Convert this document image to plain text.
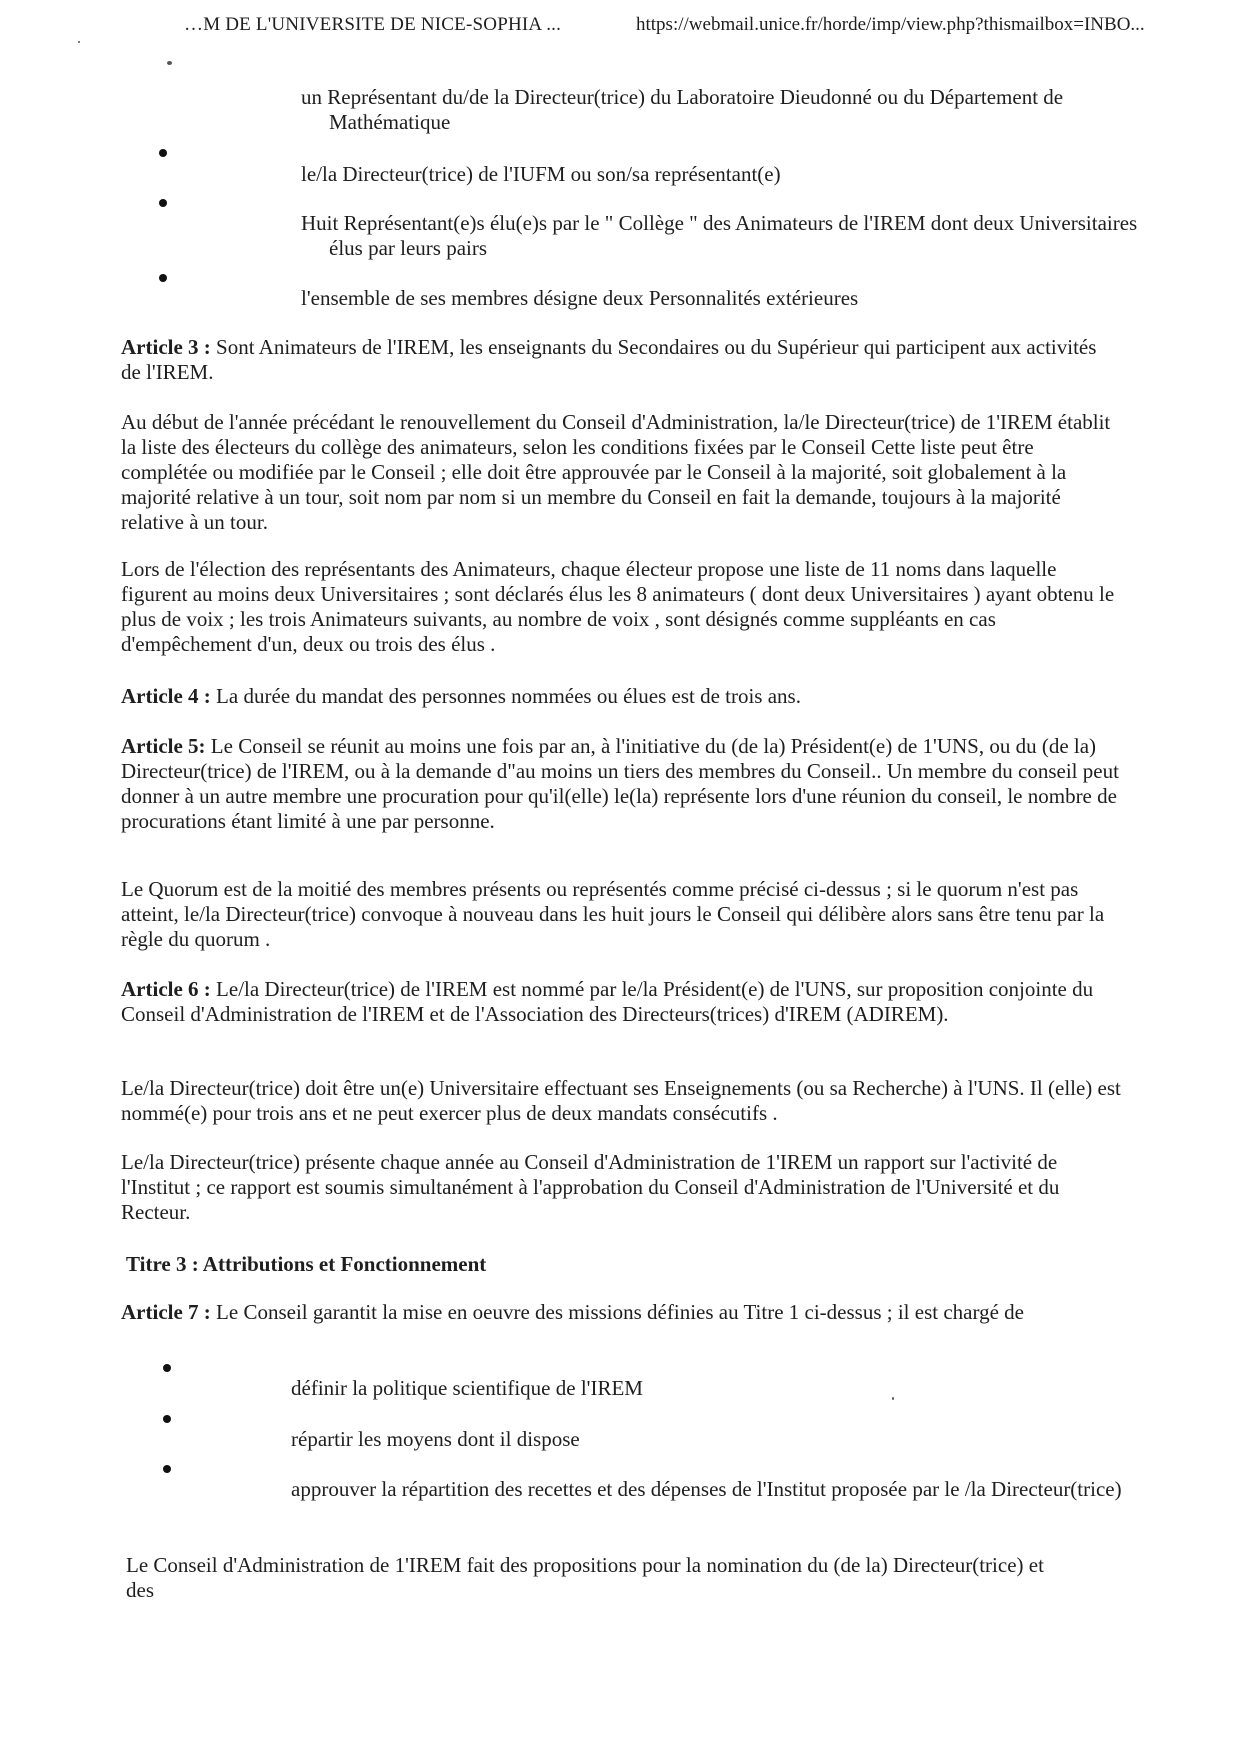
…M DE L'UNIVERSITE DE NICE-SOPHIA ...	https://webmail.unice.fr/horde/imp/view.php?thismailbox=INBO...
un Représentant du/de la Directeur(trice) du Laboratoire Dieudonné ou du Département de Mathématique
le/la Directeur(trice) de l'IUFM ou son/sa représentant(e)
Huit Représentant(e)s élu(e)s par le " Collège " des Animateurs de l'IREM dont deux Universitaires élus par leurs pairs
l'ensemble de ses membres désigne deux Personnalités extérieures
Article 3 : Sont Animateurs de l'IREM, les enseignants du Secondaires ou du Supérieur qui participent aux activités de l'IREM.
Au début de l'année précédant le renouvellement du Conseil d'Administration, la/le Directeur(trice) de 1'IREM établit la liste des électeurs du collège des animateurs, selon les conditions fixées par le Conseil Cette liste peut être complétée ou modifiée par le Conseil ; elle doit être approuvée par le Conseil à la majorité, soit globalement à la majorité relative à un tour, soit nom par nom si un membre du Conseil en fait la demande, toujours à la majorité relative à un tour.
Lors de l'élection des représentants des Animateurs, chaque électeur propose une liste de 11 noms dans laquelle figurent au moins deux Universitaires ; sont déclarés élus les 8 animateurs ( dont deux Universitaires ) ayant obtenu le plus de voix ; les trois Animateurs suivants, au nombre de voix , sont désignés comme suppléants en cas d'empêchement d'un, deux ou trois des élus .
Article 4 : La durée du mandat des personnes nommées ou élues est de trois ans.
Article 5: Le Conseil se réunit au moins une fois par an, à l'initiative du (de la) Président(e) de 1'UNS, ou du (de la) Directeur(trice) de l'IREM, ou à la demande d"au moins un tiers des membres du Conseil.. Un membre du conseil peut donner à un autre membre une procuration pour qu'il(elle) le(la) représente lors d'une réunion du conseil, le nombre de procurations étant limité à une par personne.
Le Quorum est de la moitié des membres présents ou représentés comme précisé ci-dessus ; si le quorum n'est pas atteint, le/la Directeur(trice) convoque à nouveau dans les huit jours le Conseil qui délibère alors sans être tenu par la règle du quorum .
Article 6 : Le/la Directeur(trice) de l'IREM est nommé par le/la Président(e) de l'UNS, sur proposition conjointe du Conseil d'Administration de l'IREM et de l'Association des Directeurs(trices) d'IREM (ADIREM).
Le/la Directeur(trice) doit être un(e) Universitaire effectuant ses Enseignements (ou sa Recherche) à l'UNS. Il (elle) est nommé(e) pour trois ans et ne peut exercer plus de deux mandats consécutifs .
Le/la Directeur(trice) présente chaque année au Conseil d'Administration de 1'IREM un rapport sur l'activité de l'Institut ; ce rapport est soumis simultanément à l'approbation du Conseil d'Administration de l'Université et du Recteur.
Titre 3 : Attributions et Fonctionnement
Article 7 : Le Conseil garantit la mise en oeuvre des missions définies au Titre 1 ci-dessus ; il est chargé de
définir la politique scientifique de l'IREM
répartir les moyens dont il dispose
approuver la répartition des recettes et des dépenses de l'Institut proposée par le /la Directeur(trice)
Le Conseil d'Administration de 1'IREM fait des propositions pour la nomination du (de la) Directeur(trice) et des
